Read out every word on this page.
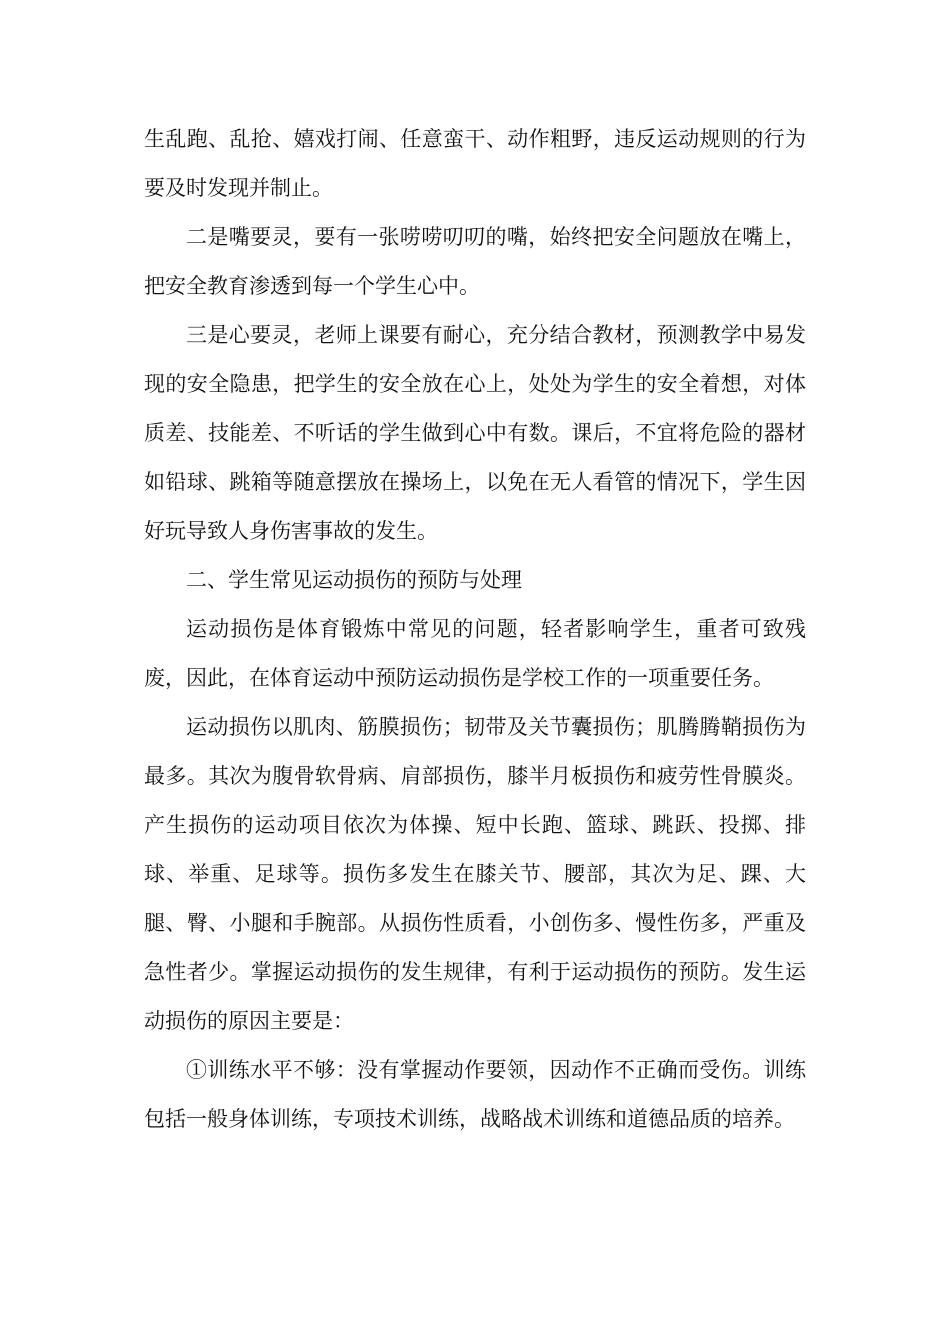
生乱跑、乱抢、嬉戏打闹、任意蛮干、动作粗野，违反运动规则的行为要及时发现并制止。

二是嘴要灵，要有一张唠唠叨叨的嘴，始终把安全问题放在嘴上，把安全教育渗透到每一个学生心中。

三是心要灵，老师上课要有耐心，充分结合教材，预测教学中易发现的安全隐患，把学生的安全放在心上，处处为学生的安全着想，对体质差、技能差、不听话的学生做到心中有数。课后，不宜将危险的器材如铅球、跳箱等随意摆放在操场上，以免在无人看管的情况下，学生因好玩导致人身伤害事故的发生。

二、学生常见运动损伤的预防与处理

运动损伤是体育锻炼中常见的问题，轻者影响学生，重者可致残废，因此，在体育运动中预防运动损伤是学校工作的一项重要任务。

运动损伤以肌肉、筋膜损伤；韧带及关节囊损伤；肌腾腾鞘损伤为最多。其次为腹骨软骨病、肩部损伤，膝半月板损伤和疲劳性骨膜炎。产生损伤的运动项目依次为体操、短中长跑、篮球、跳跃、投掷、排球、举重、足球等。损伤多发生在膝关节、腰部，其次为足、踝、大腿、臀、小腿和手腕部。从损伤性质看，小创伤多、慢性伤多，严重及急性者少。掌握运动损伤的发生规律，有利于运动损伤的预防。发生运动损伤的原因主要是：

①训练水平不够：没有掌握动作要领，因动作不正确而受伤。训练包括一般身体训练，专项技术训练，战略战术训练和道德品质的培养。
